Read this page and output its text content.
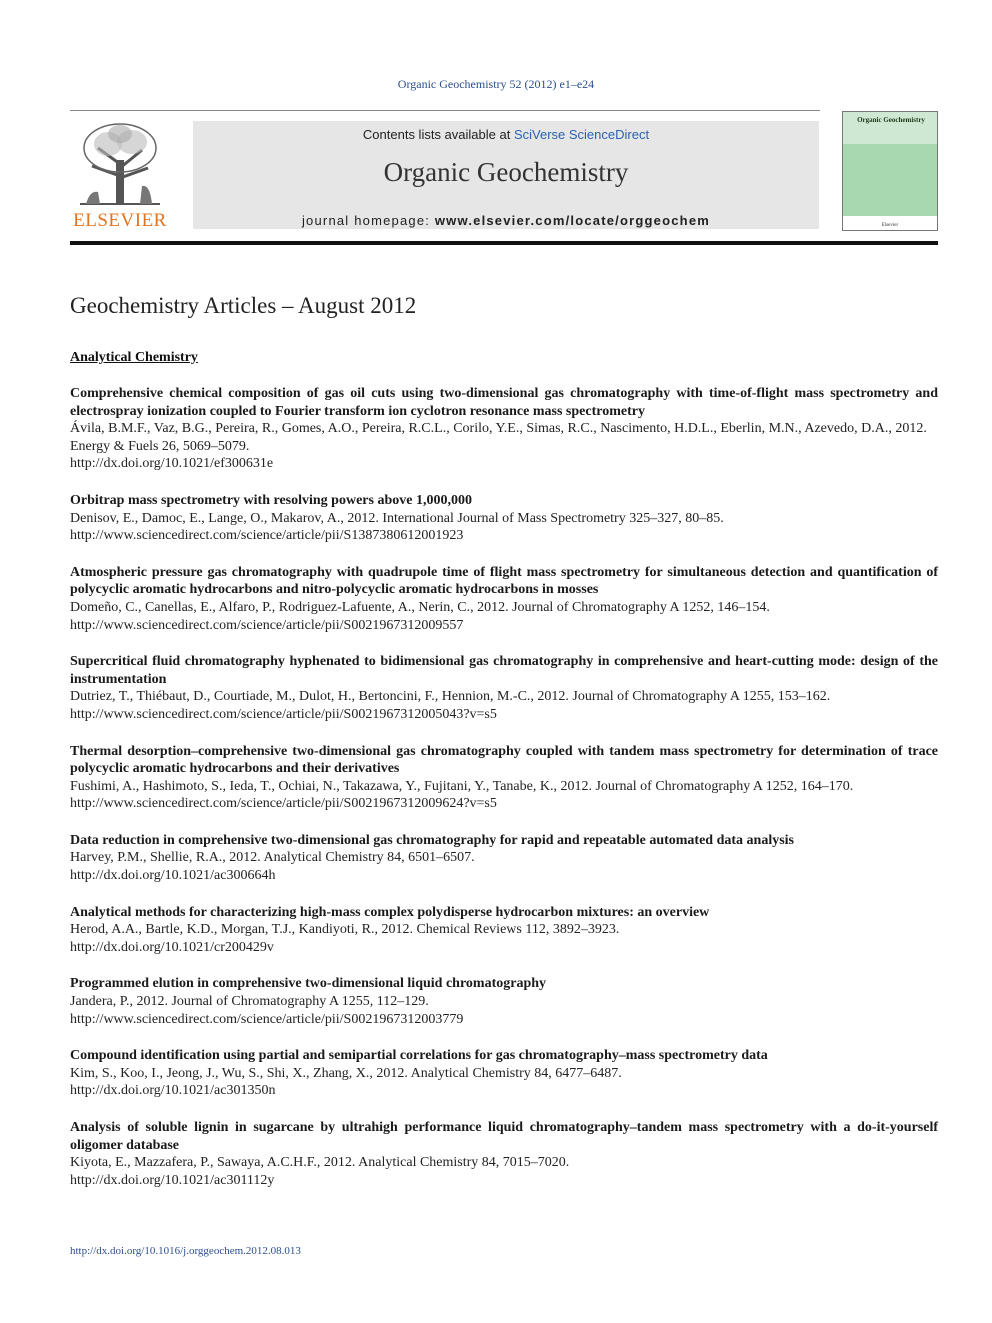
Organic Geochemistry 52 (2012) e1–e24
ELSEVIER
Contents lists available at SciVerse ScienceDirect
Organic Geochemistry
journal homepage: www.elsevier.com/locate/orggeochem
Organic Geochemistry
Elsevier
Geochemistry Articles – August 2012
Analytical Chemistry
Comprehensive chemical composition of gas oil cuts using two-dimensional gas chromatography with time-of-flight mass spectrometry and electrospray ionization coupled to Fourier transform ion cyclotron resonance mass spectrometry
Ávila, B.M.F., Vaz, B.G., Pereira, R., Gomes, A.O., Pereira, R.C.L., Corilo, Y.E., Simas, R.C., Nascimento, H.D.L., Eberlin, M.N., Azevedo, D.A., 2012. Energy & Fuels 26, 5069–5079.
http://dx.doi.org/10.1021/ef300631e
Orbitrap mass spectrometry with resolving powers above 1,000,000
Denisov, E., Damoc, E., Lange, O., Makarov, A., 2012. International Journal of Mass Spectrometry 325–327, 80–85.
http://www.sciencedirect.com/science/article/pii/S1387380612001923
Atmospheric pressure gas chromatography with quadrupole time of flight mass spectrometry for simultaneous detection and quantification of polycyclic aromatic hydrocarbons and nitro-polycyclic aromatic hydrocarbons in mosses
Domeño, C., Canellas, E., Alfaro, P., Rodriguez-Lafuente, A., Nerin, C., 2012. Journal of Chromatography A 1252, 146–154.
http://www.sciencedirect.com/science/article/pii/S0021967312009557
Supercritical fluid chromatography hyphenated to bidimensional gas chromatography in comprehensive and heart-cutting mode: design of the instrumentation
Dutriez, T., Thiébaut, D., Courtiade, M., Dulot, H., Bertoncini, F., Hennion, M.-C., 2012. Journal of Chromatography A 1255, 153–162.
http://www.sciencedirect.com/science/article/pii/S0021967312005043?v=s5
Thermal desorption–comprehensive two-dimensional gas chromatography coupled with tandem mass spectrometry for determination of trace polycyclic aromatic hydrocarbons and their derivatives
Fushimi, A., Hashimoto, S., Ieda, T., Ochiai, N., Takazawa, Y., Fujitani, Y., Tanabe, K., 2012. Journal of Chromatography A 1252, 164–170.
http://www.sciencedirect.com/science/article/pii/S0021967312009624?v=s5
Data reduction in comprehensive two-dimensional gas chromatography for rapid and repeatable automated data analysis
Harvey, P.M., Shellie, R.A., 2012. Analytical Chemistry 84, 6501–6507.
http://dx.doi.org/10.1021/ac300664h
Analytical methods for characterizing high-mass complex polydisperse hydrocarbon mixtures: an overview
Herod, A.A., Bartle, K.D., Morgan, T.J., Kandiyoti, R., 2012. Chemical Reviews 112, 3892–3923.
http://dx.doi.org/10.1021/cr200429v
Programmed elution in comprehensive two-dimensional liquid chromatography
Jandera, P., 2012. Journal of Chromatography A 1255, 112–129.
http://www.sciencedirect.com/science/article/pii/S0021967312003779
Compound identification using partial and semipartial correlations for gas chromatography–mass spectrometry data
Kim, S., Koo, I., Jeong, J., Wu, S., Shi, X., Zhang, X., 2012. Analytical Chemistry 84, 6477–6487.
http://dx.doi.org/10.1021/ac301350n
Analysis of soluble lignin in sugarcane by ultrahigh performance liquid chromatography–tandem mass spectrometry with a do-it-yourself oligomer database
Kiyota, E., Mazzafera, P., Sawaya, A.C.H.F., 2012. Analytical Chemistry 84, 7015–7020.
http://dx.doi.org/10.1021/ac301112y
http://dx.doi.org/10.1016/j.orggeochem.2012.08.013
